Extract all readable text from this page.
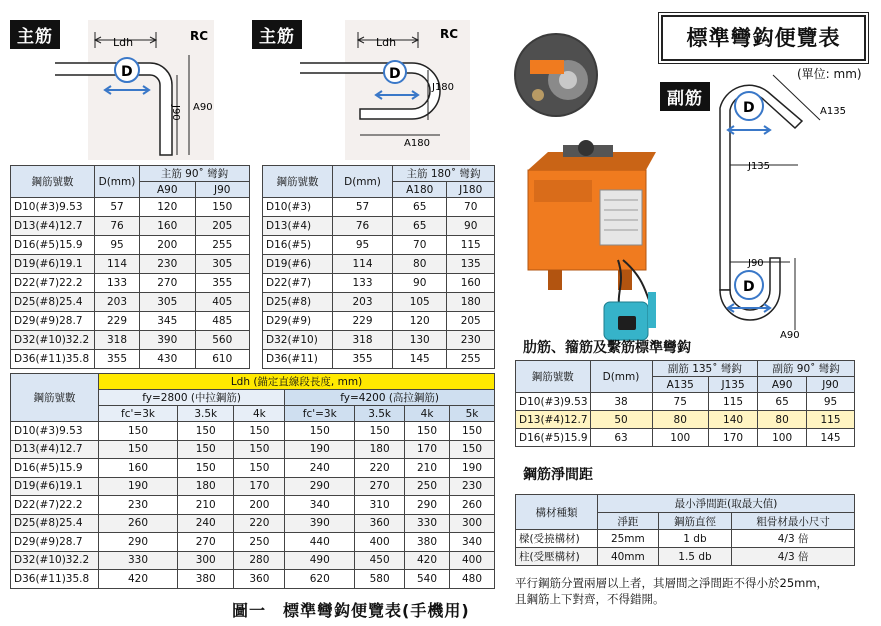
主筋	Ldh	RC
D
J90 A90
主筋	Ldh
RC
D
J180
A180
鋼筋號數	D(mm)	主筋 90˚ 彎鈎	
		A90	J90
D10(#3)9.53	57	120	150
D13(#4)12.7	76	160	205
D16(#5)15.9	95	200	255
D19(#6)19.1	114	230	305
D22(#7)22.2	133	270	355
D25(#8)25.4	203	305	405
D29(#9)28.7	229	345	485
D32(#10)32.2	318	390	560
D36(#11)35.8	355	430	610
鋼筋號數	D(mm)	主筋 180˚ 彎鈎	
		A180	J180
D10(#3)	57	65	70
D13(#4)	76	65	90
D16(#5)	95	70	115
D19(#6)	114	80	135
D22(#7)	133	90	160
D25(#8)	203	105	180
D29(#9)	229	120	205
D32(#10)	318	130	230
D36(#11)	355	145	255
鋼筋號數	Ldh (錨定直線段長度, mm)						
	fy=2800 (中拉鋼筋)			fy=4200 (高拉鋼筋)			
	fc'=3k	3.5k	4k	fc'=3k	3.5k	4k	5k
D10(#3)9.53	150	150	150	150	150	150	150
D13(#4)12.7	150	150	150	190	180	170	150
D16(#5)15.9	160	150	150	240	220	210	190
D19(#6)19.1	190	180	170	290	270	250	230
D22(#7)22.2	230	210	200	340	310	290	260
D25(#8)25.4	260	240	220	390	360	330	300
D29(#9)28.7	290	270	250	440	400	380	340
D32(#10)32.2	330	300	280	490	450	420	400
D36(#11)35.8	420	380	360	620	580	540	480
標準彎鈎便覽表
(單位: mm)
副筋	D	A135
J135
D
J90
A90
肋筋、籀筋及繫筋標準彎鈎
鋼筋號數	D(mm)	副筋 135˚ 彎鈎		副筋 90˚ 彎鈎	
		A135	J135	A90	J90
D10(#3)9.53	38	75	115	65	95
D13(#4)12.7	50	80	140	80	115
D16(#5)15.9	63	100	170	100	145
鋼筋淨間距
構材種類	最小淨間距(取最大值)		
	淨距	鋼筋直徑	粗骨材最小尺寸
樑(受撓構材)	25mm	1 db	4/3 倍
柱(受壓構材)	40mm	1.5 db	4/3 倍
平行鋼筋分置兩層以上者，其層間之淨間距不得小於25mm，
且鋼筋上下對齊，不得錯開。
圖一　標準彎鈎便覽表(手機用)
